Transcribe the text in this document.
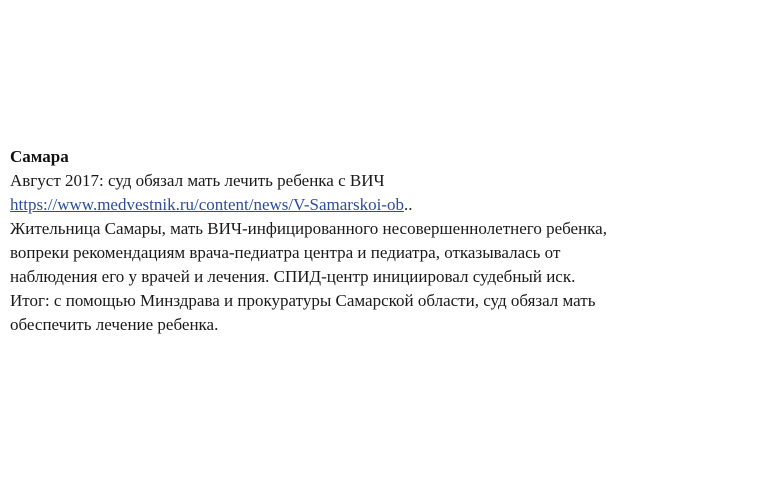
Самара
Август 2017: суд обязал мать лечить ребенка с ВИЧ
https://www.medvestnik.ru/content/news/V-Samarskoi-ob..
Жительница Самары, мать ВИЧ-инфицированного несовершеннолетнего ребенка,
вопреки рекомендациям врача-педиатра центра и педиатра, отказывалась от
наблюдения его у врачей и лечения. СПИД-центр инициировал судебный иск.
Итог: с помощью Минздрава и прокуратуры Самарской области, суд обязал мать
обеспечить лечение ребенка.
